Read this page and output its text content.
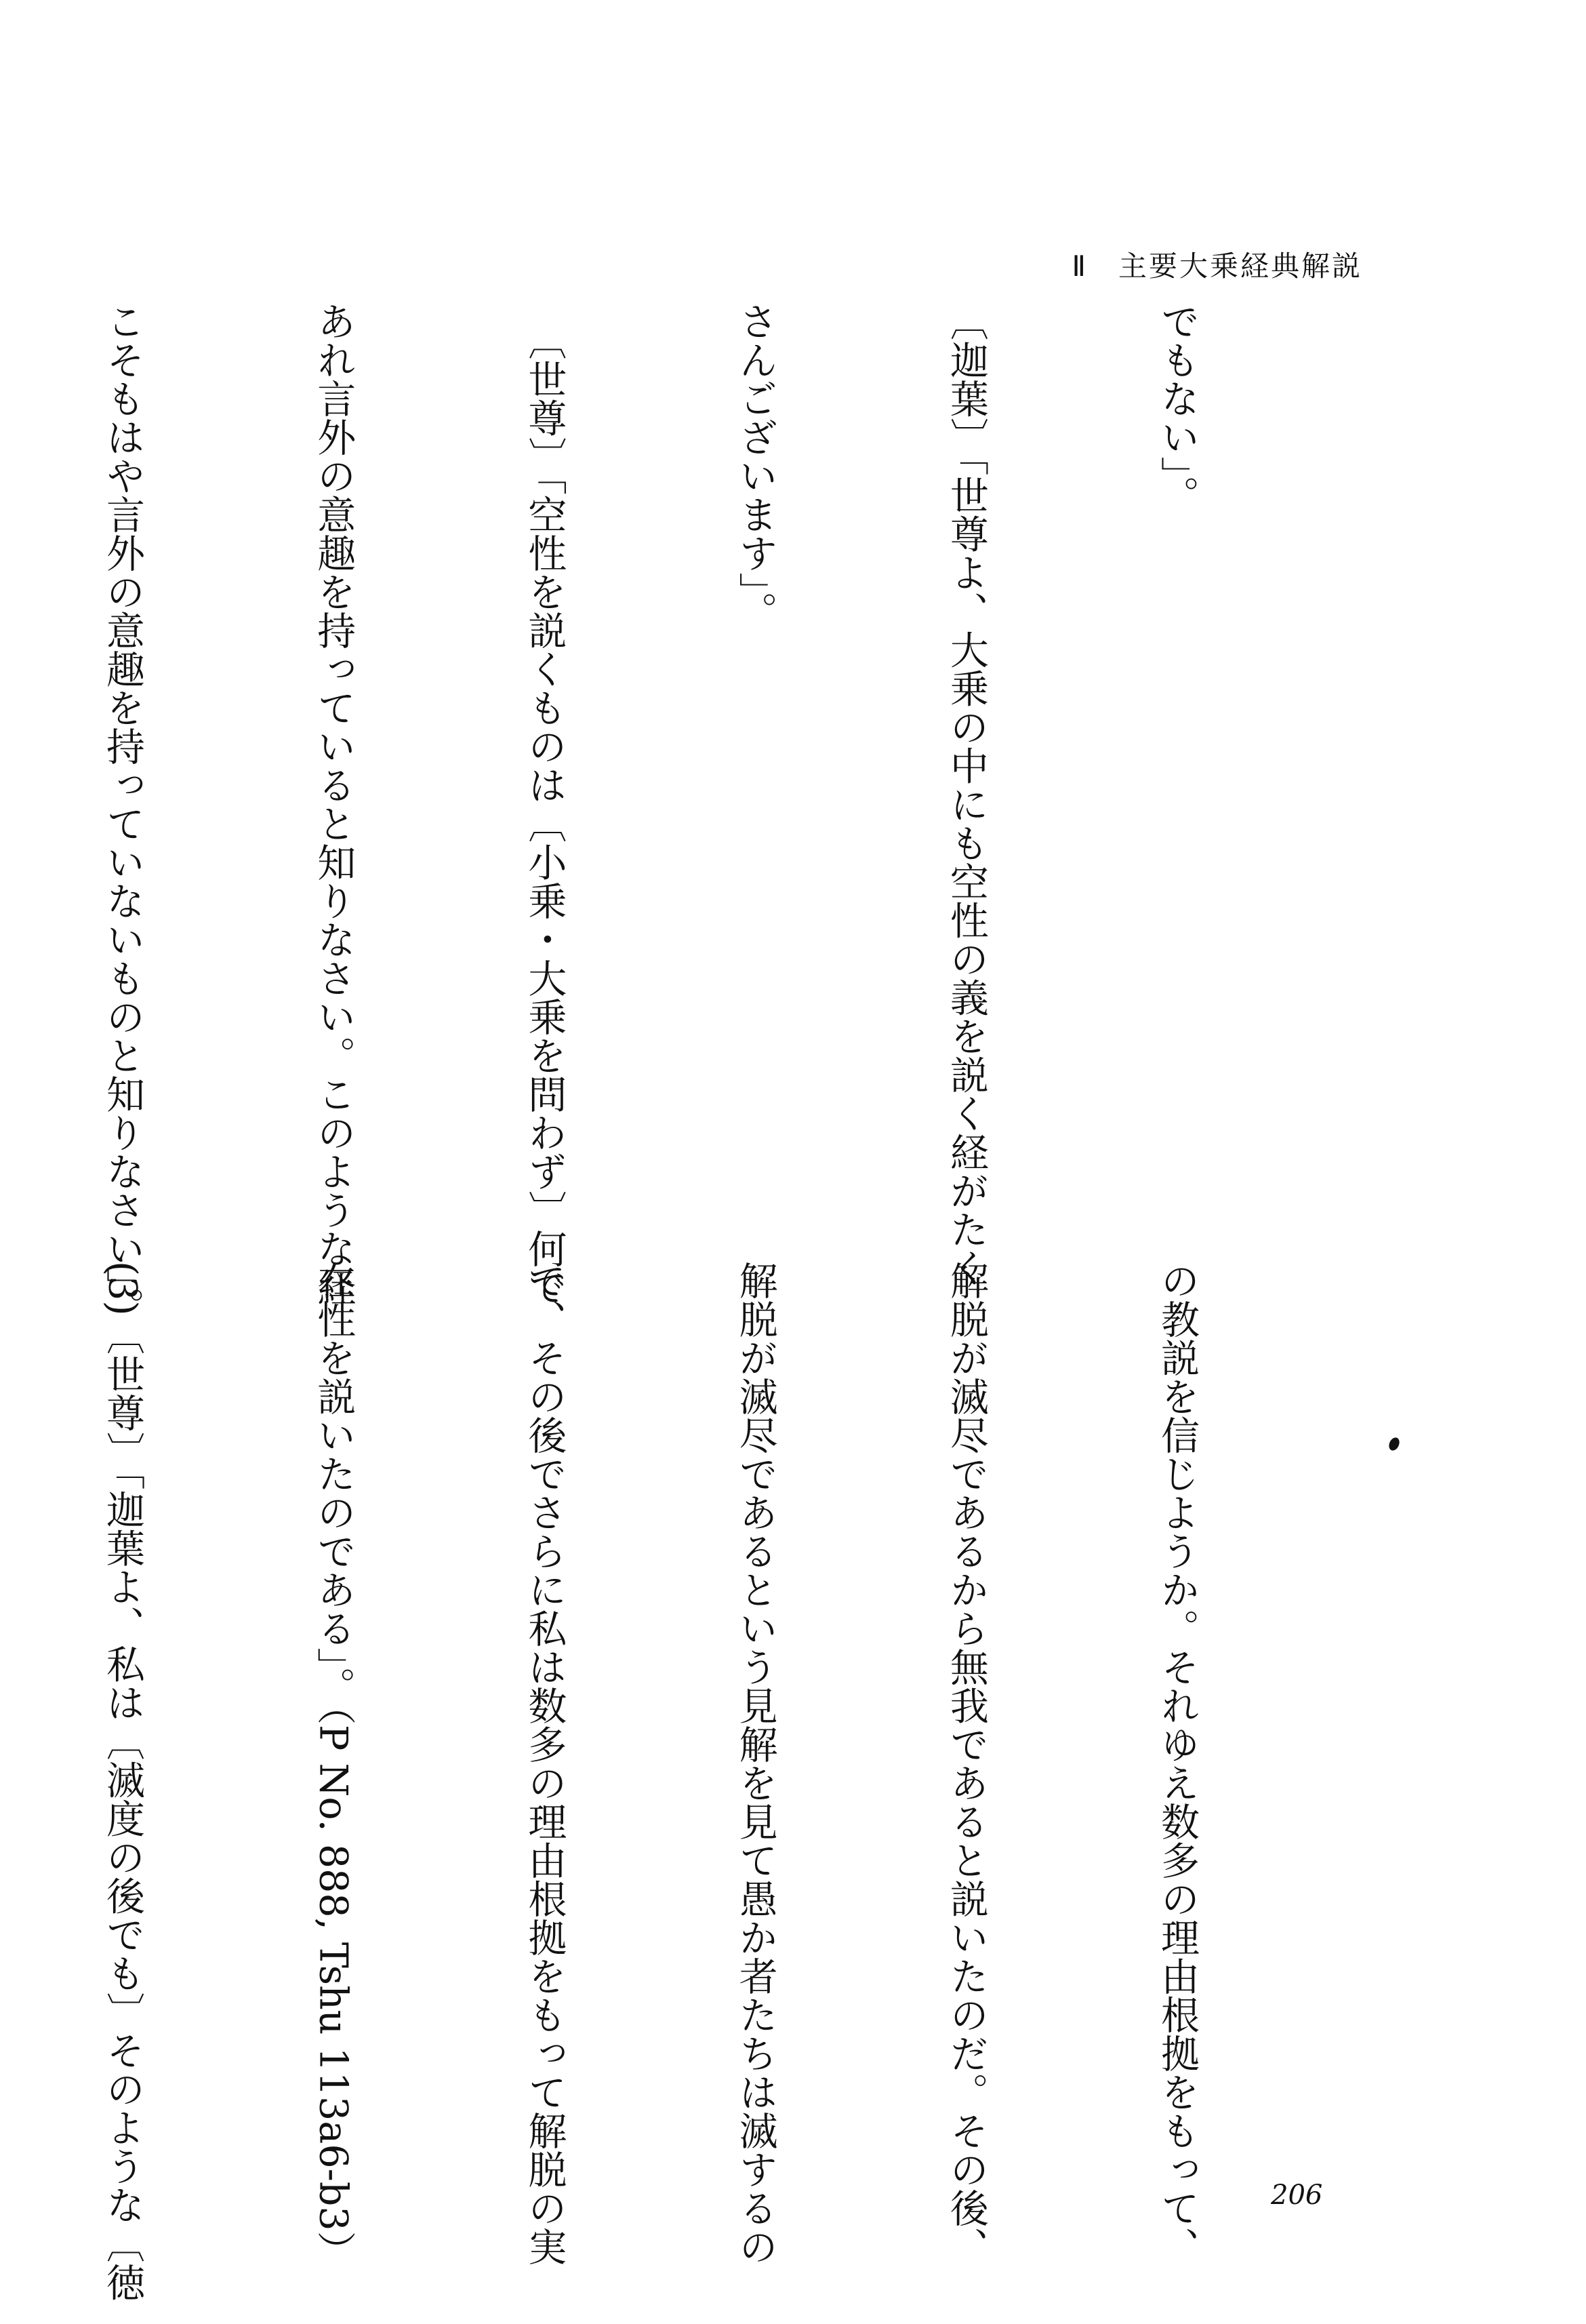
Ⅱ　主要大乗経典解説

でもない」。

〔迦葉〕「世尊よ、大乗の中にも空性の義を説く経がたく

さんございます」。

　〔世尊〕「空性を説くものは〔小乗・大乗を問わず〕何で

あれ言外の意趣を持っていると知りなさい。このような経

こそもはや言外の意趣を持っていないものと知りなさい」。

の教説を信じようか。それゆえ数多の理由根拠をもって、

解脱が滅尽であるから無我であると説いたのだ。その後、

解脱が滅尽であるという見解を見て愚か者たちは滅するの

で、その後でさらに私は数多の理由根拠をもって解脱の実

在性を説いたのである」。（P No. 888, Tshu 113a6-b3）

(3)〔世尊〕「迦葉よ、私は〔滅度の後でも〕そのような〔徳

	206
